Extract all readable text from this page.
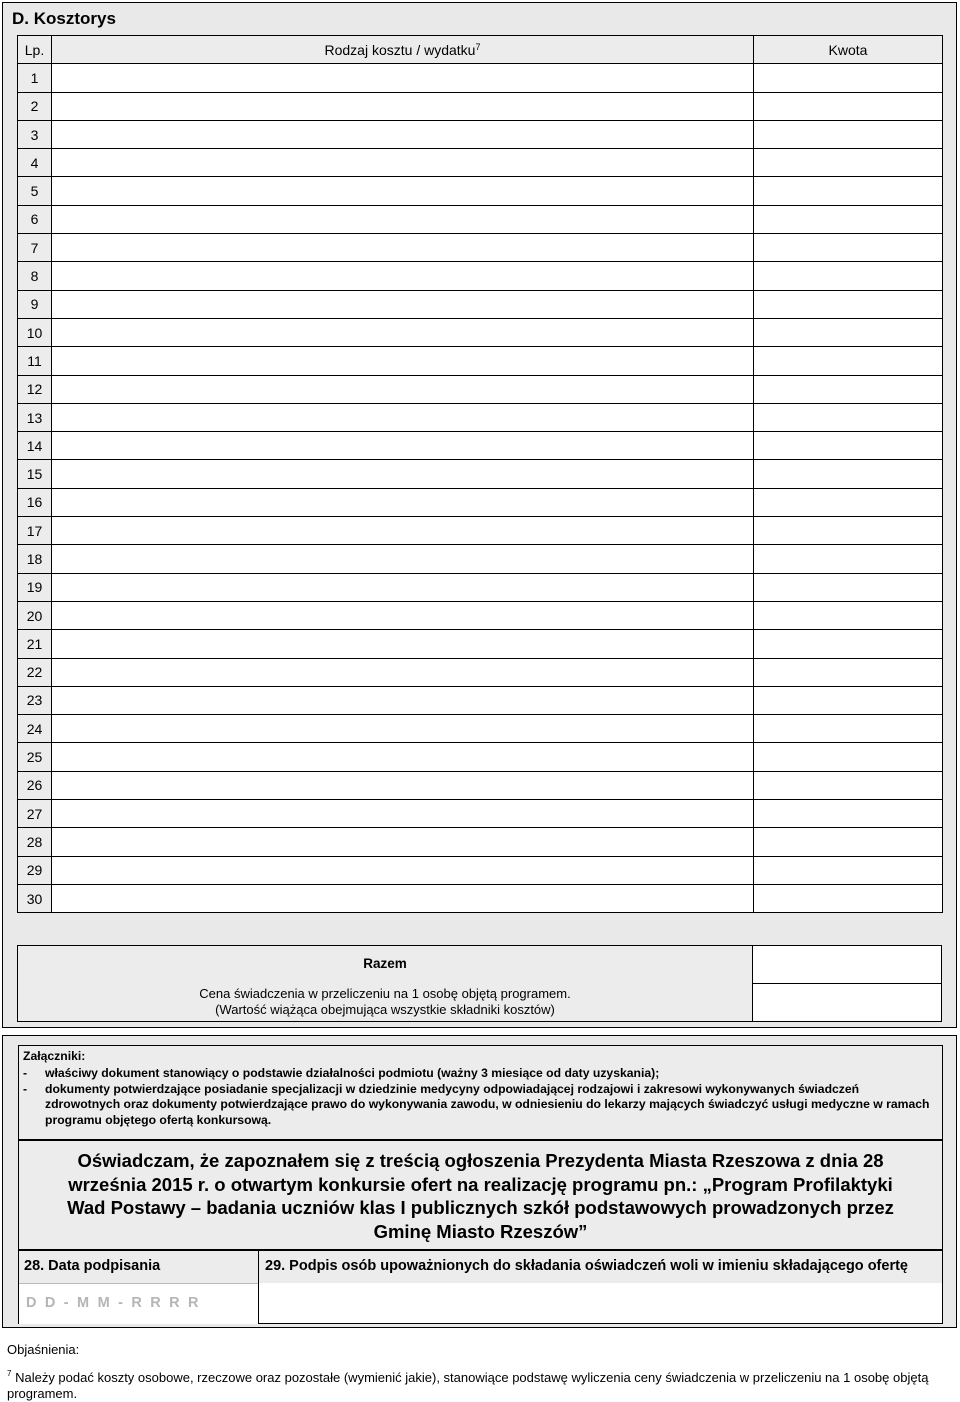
D. Kosztorys
Lp.	Rodzaj kosztu / wydatku$^7$	Kwota
1		
2		
3		
4		
5		
6		
7		
8		
9		
10		
11		
12		
13		
14		
15		
16		
17		
18		
19		
20		
21		
22		
23		
24		
25		
26		
27		
28		
29		
30		
Razem
Cena świadczenia w przeliczeniu na 1 osobę objętą programem.
(Wartość wiążąca obejmująca wszystkie składniki kosztów)
Załączniki:
- właściwy dokument stanowiący o podstawie działalności podmiotu (ważny 3 miesiące od daty uzyskania);
- dokumenty potwierdzające posiadanie specjalizacji w dziedzinie medycyny odpowiadającej rodzajowi i zakresowi wykonywanych świadczeń zdrowotnych oraz dokumenty potwierdzające prawo do wykonywania zawodu, w odniesieniu do lekarzy mających świadczyć usługi medyczne w ramach programu objętego ofertą konkursową.
Oświadczam, że zapoznałem się z treścią ogłoszenia Prezydenta Miasta Rzeszowa z dnia 28 września 2015 r. o otwartym konkursie ofert na realizację programu pn.: „Program Profilaktyki Wad Postawy – badania uczniów klas I publicznych szkół podstawowych prowadzonych przez Gminę Miasto Rzeszów”
28. Data podpisania
D D - M M - R R R R
29. Podpis osób upoważnionych do składania oświadczeń woli w imieniu składającego ofertę
Objaśnienia:
$^7$ Należy podać koszty osobowe, rzeczowe oraz pozostałe (wymienić jakie), stanowiące podstawę wyliczenia ceny świadczenia w przeliczeniu na 1 osobę objętą programem.
